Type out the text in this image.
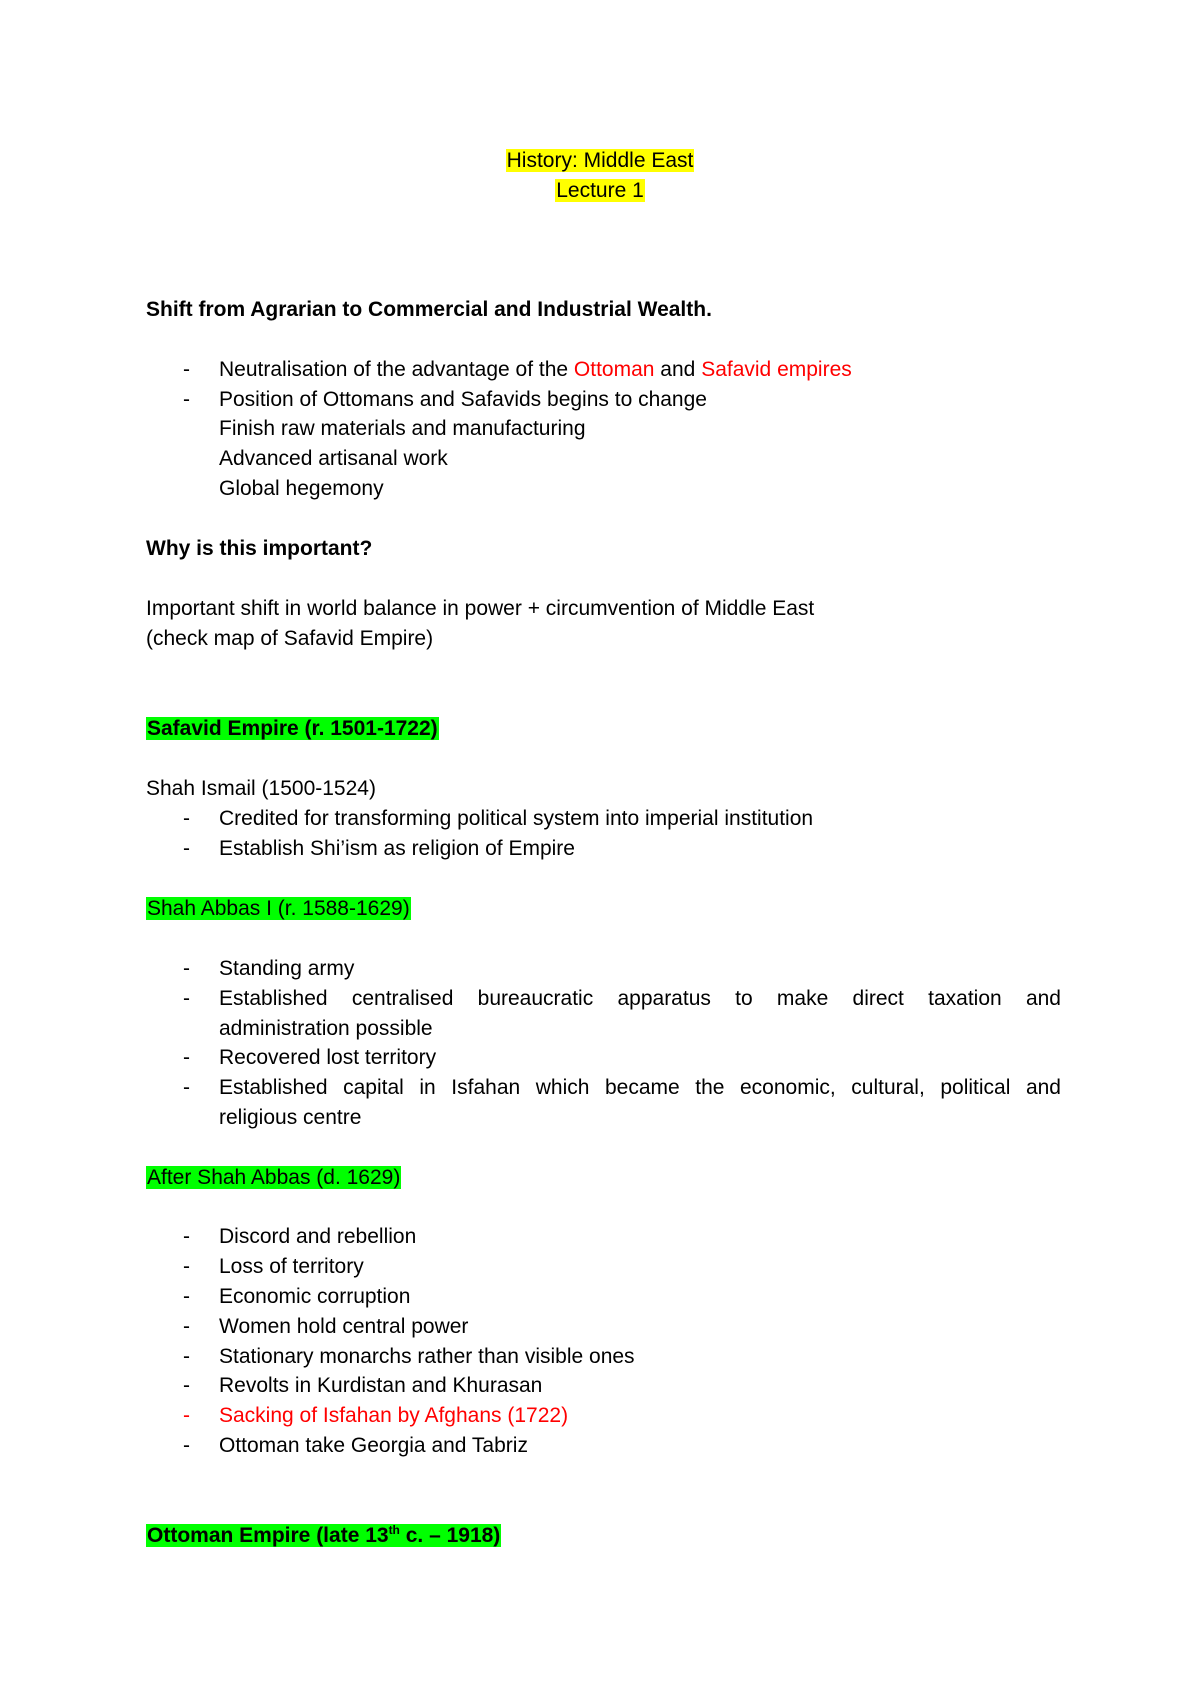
History: Middle East
Lecture 1
Shift from Agrarian to Commercial and Industrial Wealth.
- Neutralisation of the advantage of the Ottoman and Safavid empires
- Position of Ottomans and Safavids begins to change
Finish raw materials and manufacturing
Advanced artisanal work
Global hegemony
Why is this important?
Important shift in world balance in power + circumvention of Middle East
(check map of Safavid Empire)
Safavid Empire (r. 1501-1722)
Shah Ismail (1500-1524)
- Credited for transforming political system into imperial institution
- Establish Shi’ism as religion of Empire
Shah Abbas I (r. 1588-1629)
- Standing army
- Established centralised bureaucratic apparatus to make direct taxation and
administration possible
- Recovered lost territory
- Established capital in Isfahan which became the economic, cultural, political and
religious centre
After Shah Abbas (d. 1629)
- Discord and rebellion
- Loss of territory
- Economic corruption
- Women hold central power
- Stationary monarchs rather than visible ones
- Revolts in Kurdistan and Khurasan
- Sacking of Isfahan by Afghans (1722)
- Ottoman take Georgia and Tabriz
Ottoman Empire (late 13th c. – 1918)
